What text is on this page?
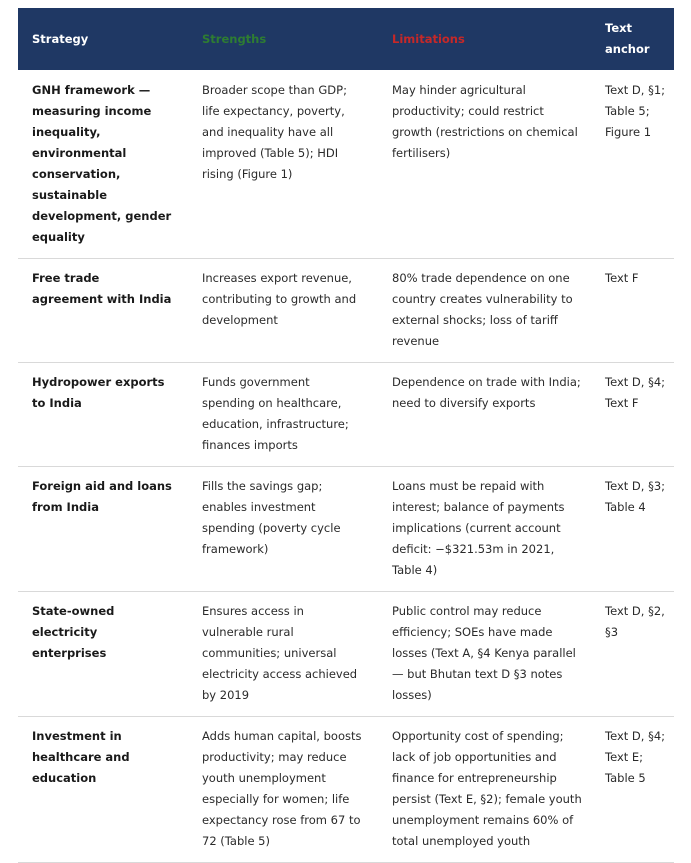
Strategy	Strengths	Limitations	Text anchor
GNH framework — measuring income inequality, environmental conservation, sustainable development, gender equality	Broader scope than GDP; life expectancy, poverty, and inequality have all improved (Table 5); HDI rising (Figure 1)	May hinder agricultural productivity; could restrict growth (restrictions on chemical fertilisers)	Text D, §1; Table 5; Figure 1
Free trade agreement with India	Increases export revenue, contributing to growth and development	80% trade dependence on one country creates vulnerability to external shocks; loss of tariff revenue	Text F
Hydropower exports to India	Funds government spending on healthcare, education, infrastructure; finances imports	Dependence on trade with India; need to diversify exports	Text D, §4; Text F
Foreign aid and loans from India	Fills the savings gap; enables investment spending (poverty cycle framework)	Loans must be repaid with interest; balance of payments implications (current account deficit: −$321.53m in 2021, Table 4)	Text D, §3; Table 4
State-owned electricity enterprises	Ensures access in vulnerable rural communities; universal electricity access achieved by 2019	Public control may reduce efficiency; SOEs have made losses (Text A, §4 Kenya parallel — but Bhutan text D §3 notes losses)	Text D, §2, §3
Investment in healthcare and education	Adds human capital, boosts productivity; may reduce youth unemployment especially for women; life expectancy rose from 67 to 72 (Table 5)	Opportunity cost of spending; lack of job opportunities and finance for entrepreneurship persist (Text E, §2); female youth unemployment remains 60% of total unemployed youth	Text D, §4; Text E; Table 5
